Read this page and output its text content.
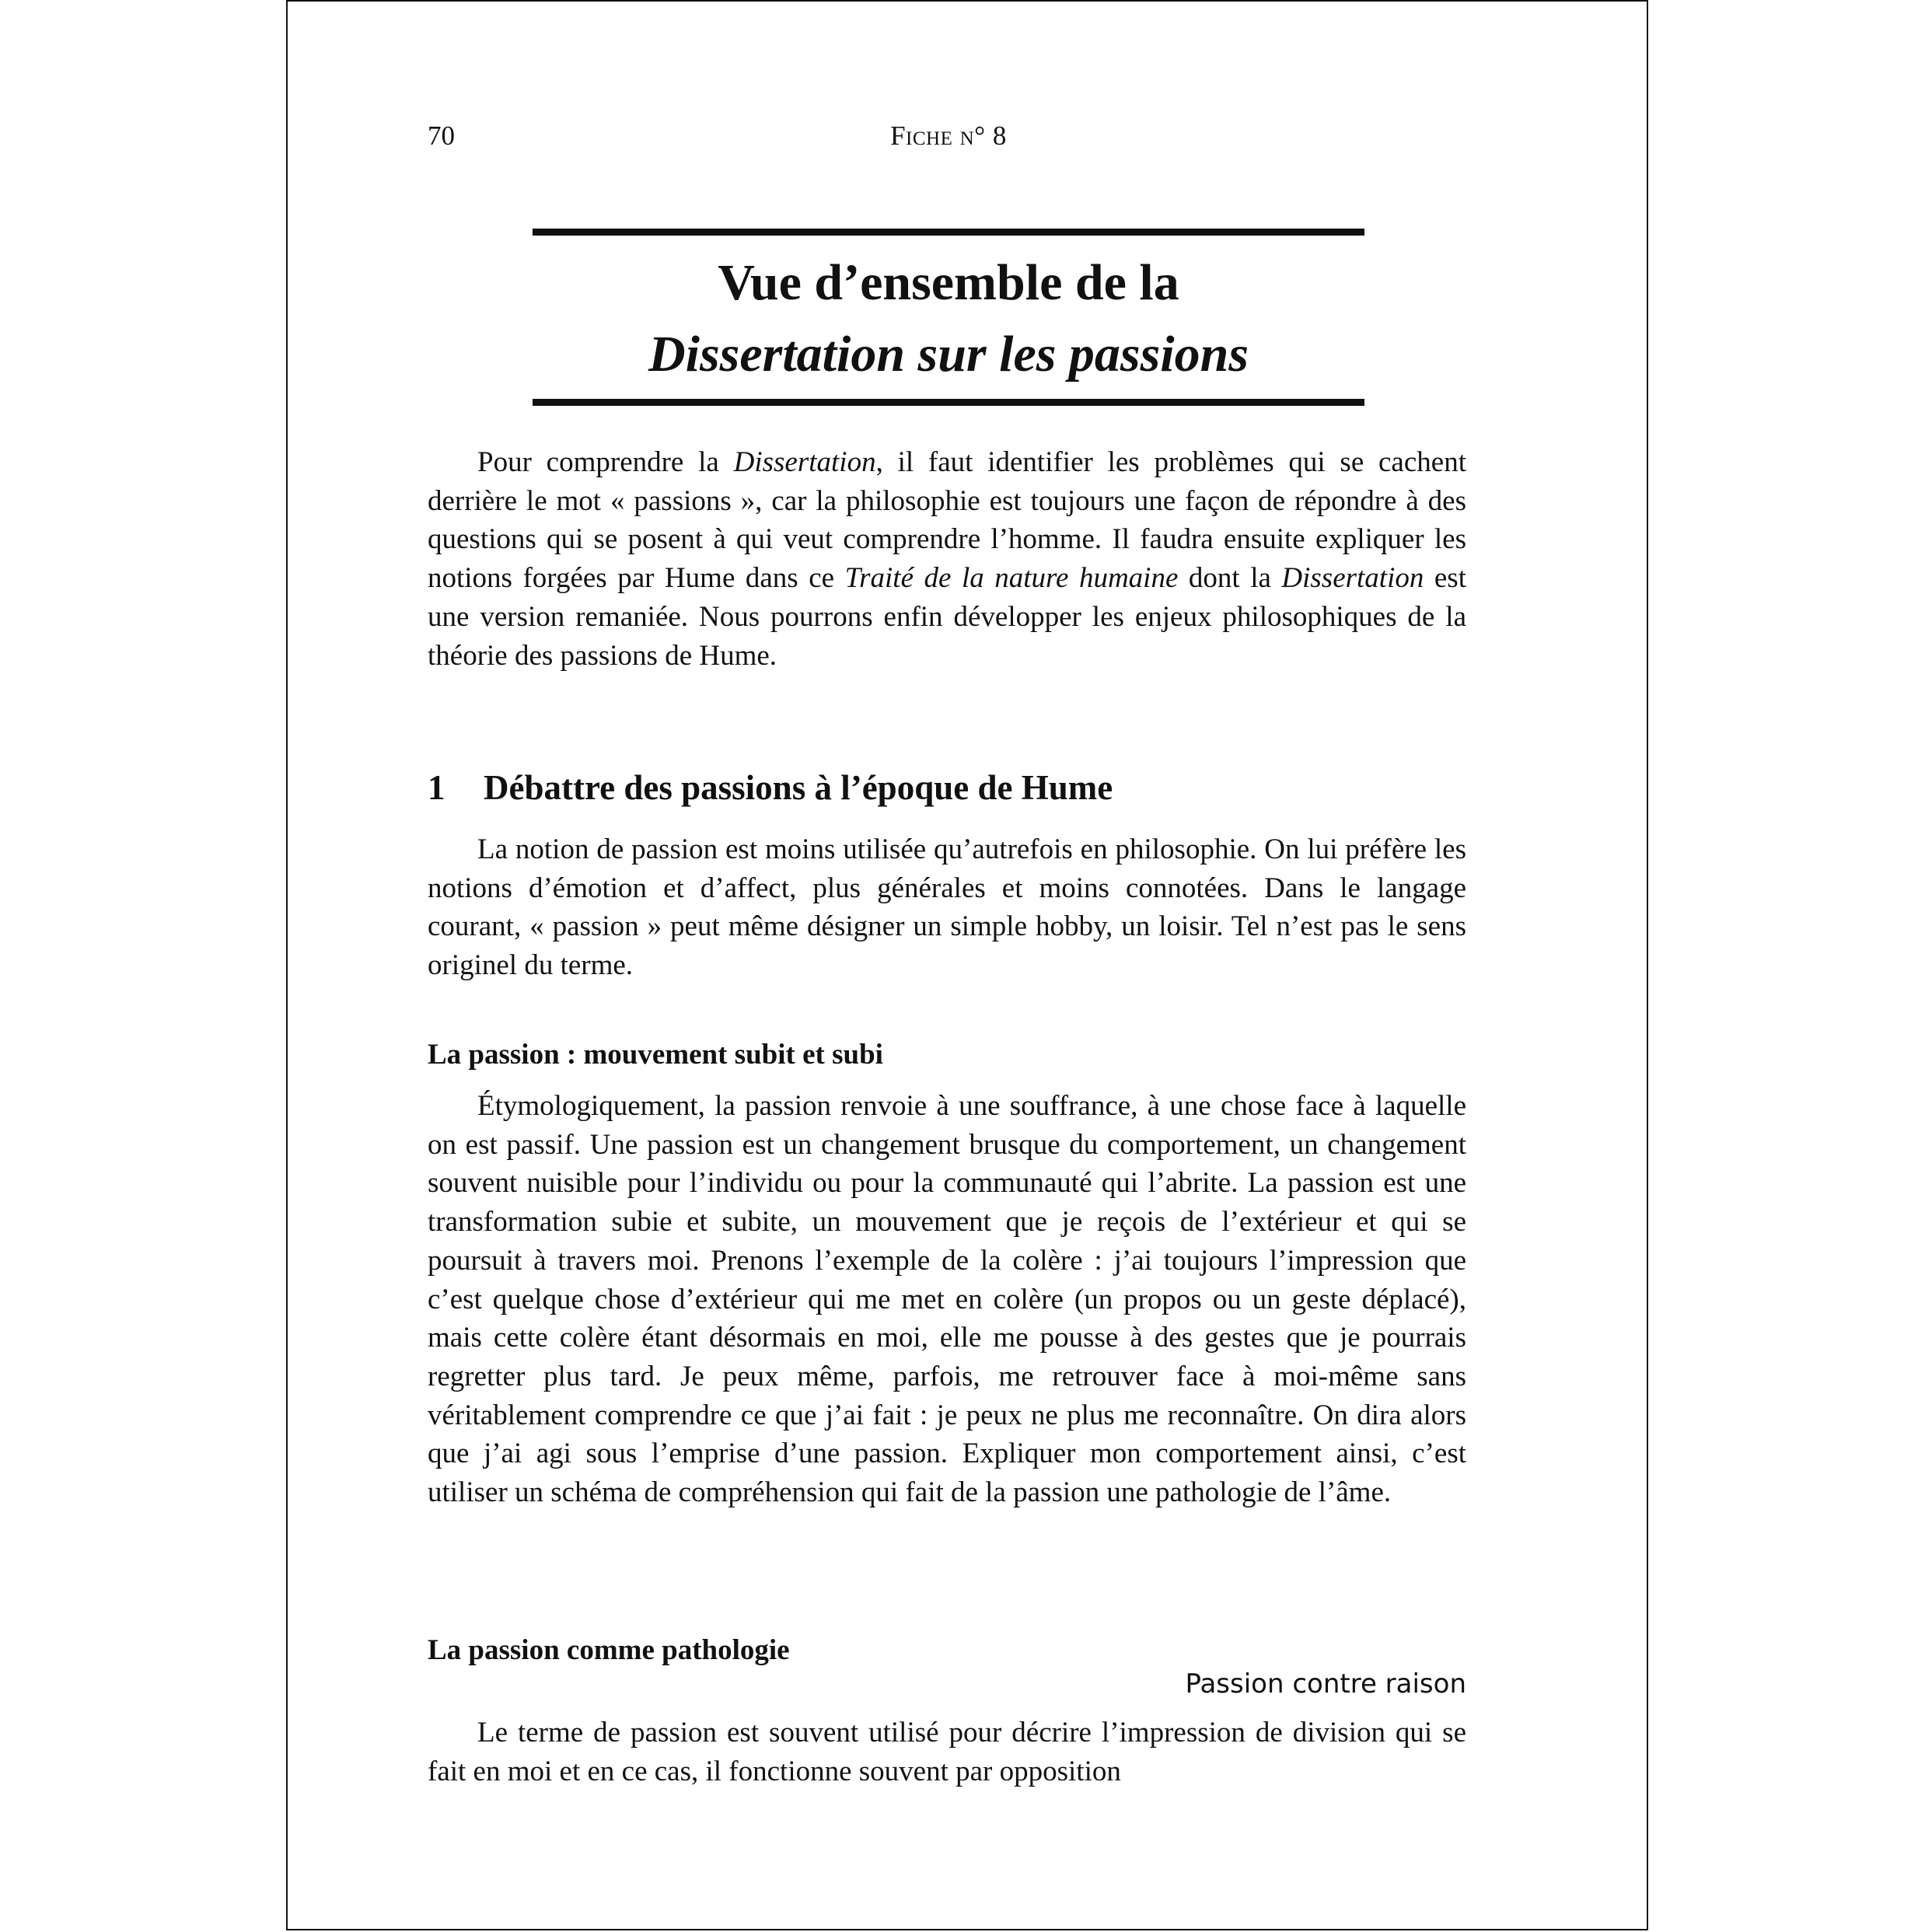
70	Fiche n° 8
Vue d’ensemble de la
Dissertation sur les passions

Pour comprendre la Dissertation, il faut identifier les problèmes qui se cachent derrière le mot « passions », car la philosophie est toujours une façon de répondre à des questions qui se posent à qui veut comprendre l’homme. Il faudra ensuite expliquer les notions forgées par Hume dans ce Traité de la nature humaine dont la Dissertation est une version remaniée. Nous pourrons enfin développer les enjeux philosophiques de la théorie des passions de Hume.

1 Débattre des passions à l’époque de Hume

La notion de passion est moins utilisée qu’autrefois en philosophie. On lui préfère les notions d’émotion et d’affect, plus générales et moins connotées. Dans le langage courant, « passion » peut même désigner un simple hobby, un loisir. Tel n’est pas le sens originel du terme.

La passion : mouvement subit et subi

Étymologiquement, la passion renvoie à une souffrance, à une chose face à laquelle on est passif. Une passion est un changement brusque du comportement, un changement souvent nuisible pour l’individu ou pour la communauté qui l’abrite. La passion est une transformation subie et subite, un mouvement que je reçois de l’extérieur et qui se poursuit à travers moi. Prenons l’exemple de la colère : j’ai toujours l’impression que c’est quelque chose d’extérieur qui me met en colère (un propos ou un geste déplacé), mais cette colère étant désormais en moi, elle me pousse à des gestes que je pourrais regretter plus tard. Je peux même, parfois, me retrouver face à moi-même sans véritablement comprendre ce que j’ai fait : je peux ne plus me reconnaître. On dira alors que j’ai agi sous l’emprise d’une passion. Expliquer mon comportement ainsi, c’est utiliser un schéma de compréhension qui fait de la passion une pathologie de l’âme.

La passion comme pathologie
Passion contre raison

Le terme de passion est souvent utilisé pour décrire l’impression de division qui se fait en moi et en ce cas, il fonctionne souvent par opposition
